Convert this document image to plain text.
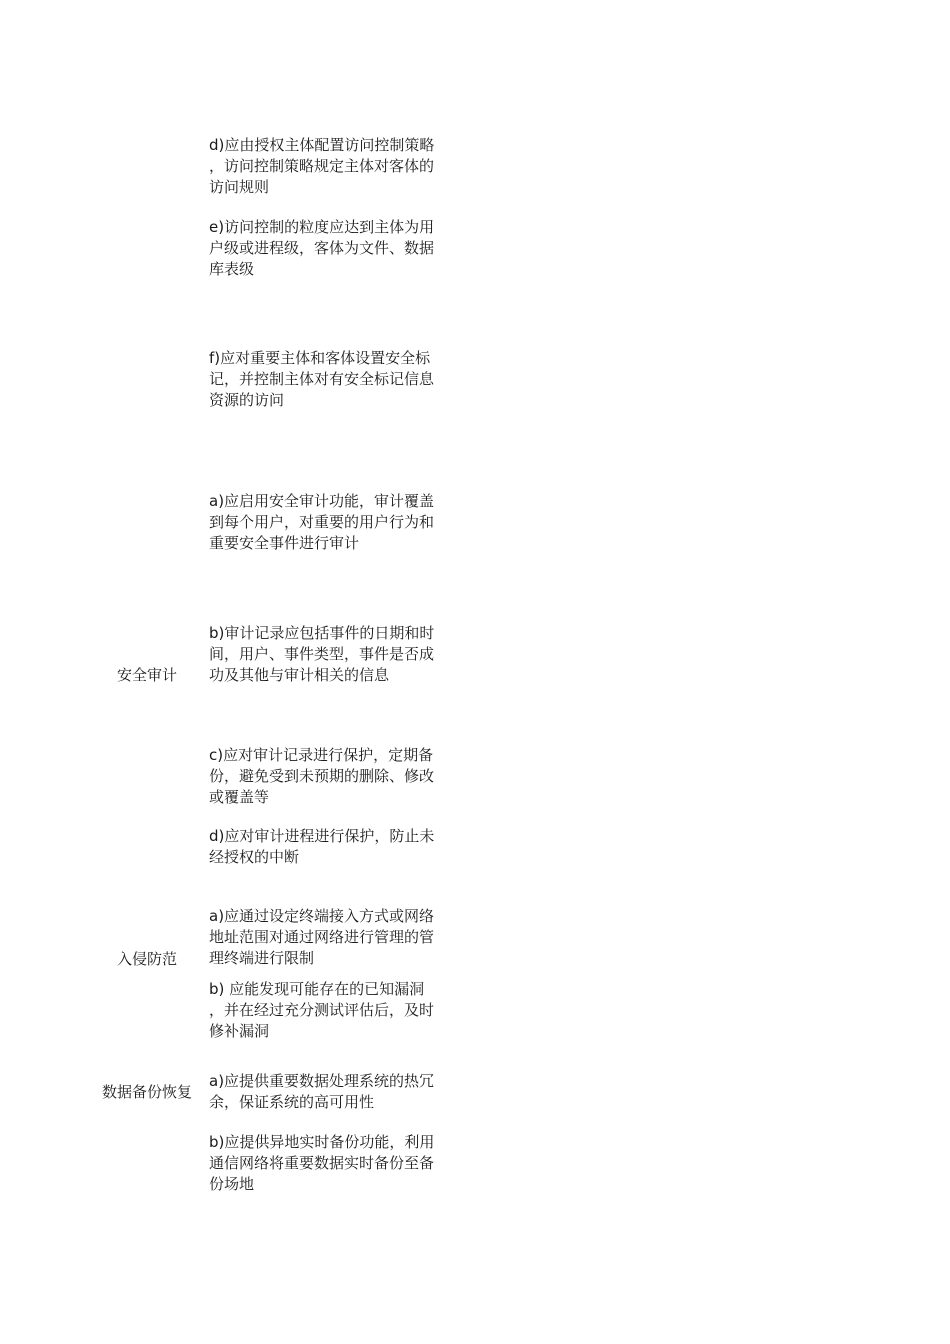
安全审计
入侵防范
数据备份恢复
d)应由授权主体配置访问控制策略
，访问控制策略规定主体对客体的
访问规则
e)访问控制的粒度应达到主体为用
户级或进程级，客体为文件、数据
库表级
f)应对重要主体和客体设置安全标
记，并控制主体对有安全标记信息
资源的访问
a)应启用安全审计功能，审计覆盖
到每个用户，对重要的用户行为和
重要安全事件进行审计
b)审计记录应包括事件的日期和时
间，用户、事件类型，事件是否成
功及其他与审计相关的信息
c)应对审计记录进行保护，定期备
份，避免受到未预期的删除、修改
或覆盖等
d)应对审计进程进行保护，防止未
经授权的中断
a)应通过设定终端接入方式或网络
地址范围对通过网络进行管理的管
理终端进行限制
b) 应能发现可能存在的已知漏洞
，并在经过充分测试评估后，及时
修补漏洞
a)应提供重要数据处理系统的热冗
余，保证系统的高可用性
b)应提供异地实时备份功能，利用
通信网络将重要数据实时备份至备
份场地
